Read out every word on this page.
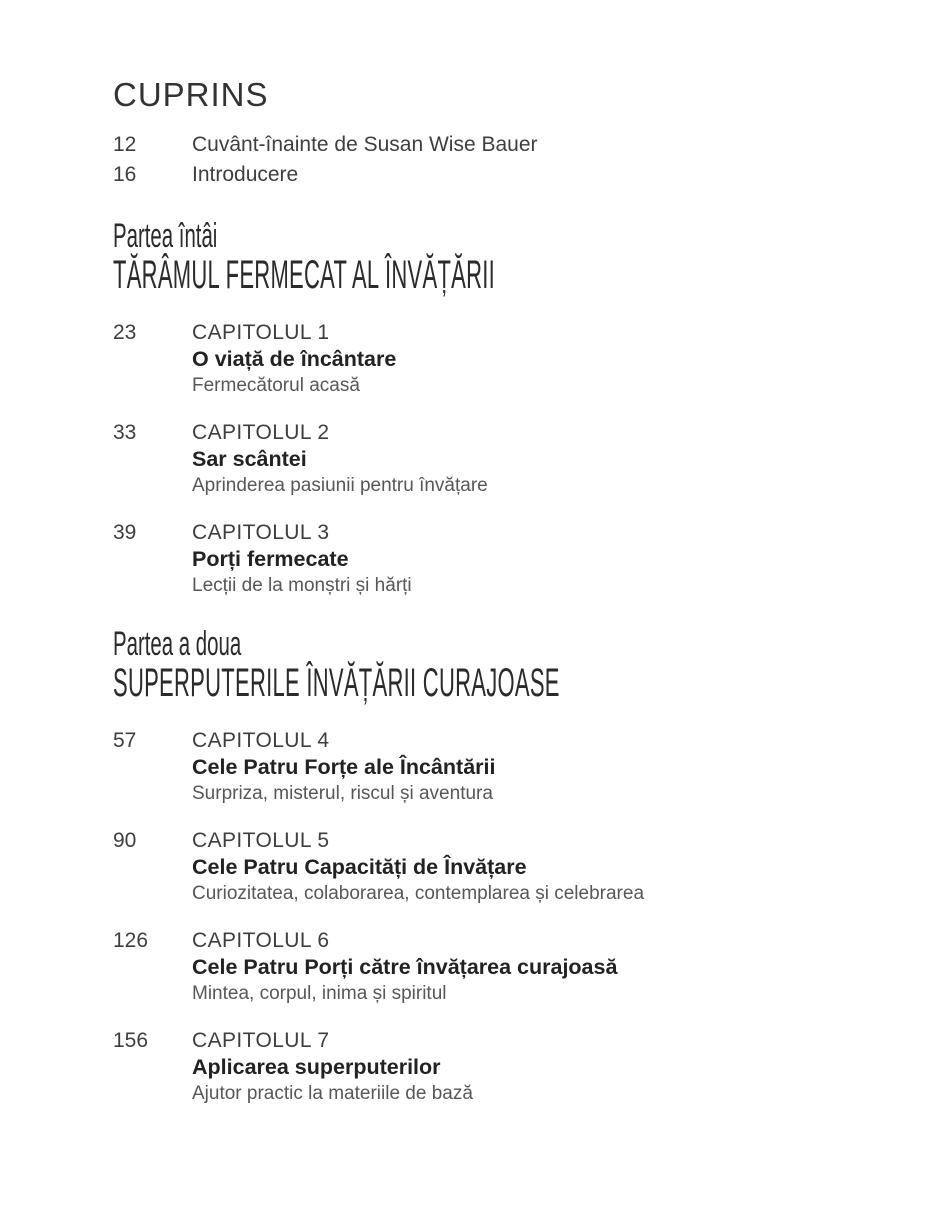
CUPRINS
12	Cuvânt-înainte de Susan Wise Bauer
16	Introducere
Partea întâi
TĂRÂMUL FERMECAT AL ÎNVĂȚĂRII
23	CAPITOLUL 1
O viață de încântare
Fermecătorul acasă
33	CAPITOLUL 2
Sar scântei
Aprinderea pasiunii pentru învățare
39	CAPITOLUL 3
Porți fermecate
Lecții de la monștri și hărți
Partea a doua
SUPERPUTERILE ÎNVĂȚĂRII CURAJOASE
57	CAPITOLUL 4
Cele Patru Forțe ale Încântării
Surpriza, misterul, riscul și aventura
90	CAPITOLUL 5
Cele Patru Capacități de Învățare
Curiozitatea, colaborarea, contemplarea și celebrarea
126	CAPITOLUL 6
Cele Patru Porți către învățarea curajoasă
Mintea, corpul, inima și spiritul
156	CAPITOLUL 7
Aplicarea superputerilor
Ajutor practic la materiile de bază
